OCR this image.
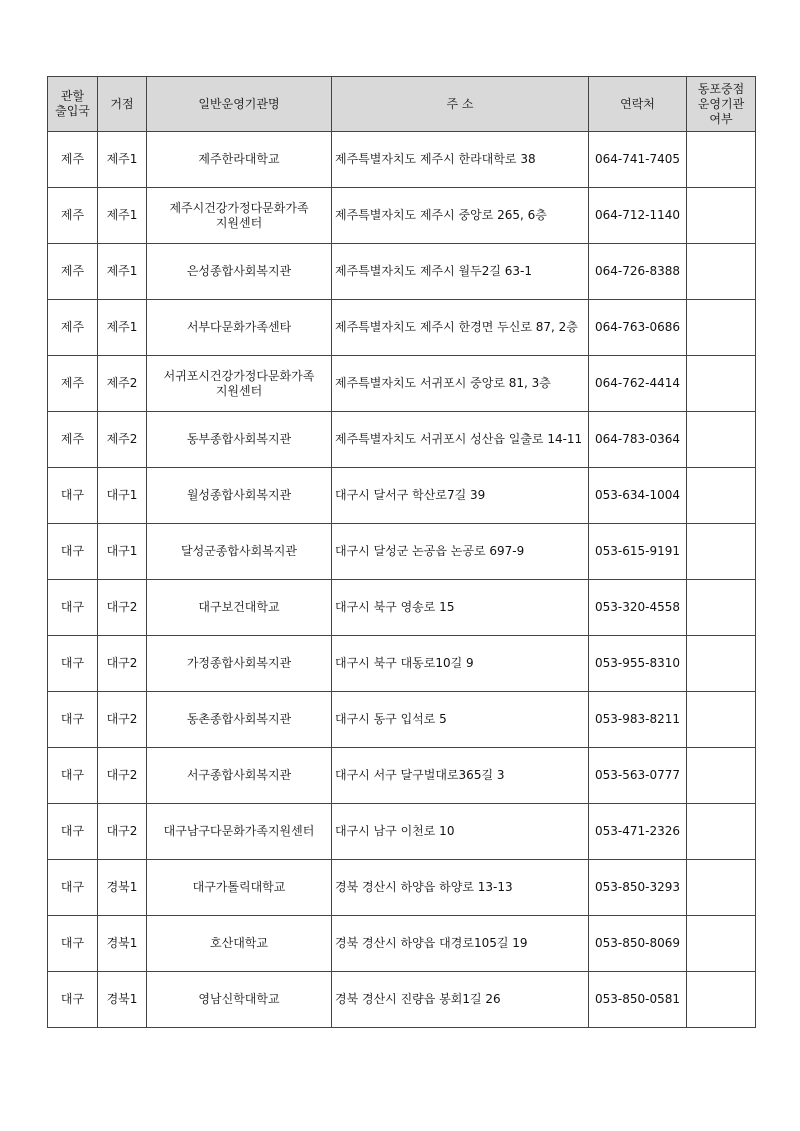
관할
출입국	거점	일반운영기관명	주 소	연락처	동포중점
운영기관
여부
제주	제주1	제주한라대학교	제주특별자치도 제주시 한라대학로 38	064-741-7405	
제주	제주1	제주시건강가정다문화가족
지원센터	제주특별자치도 제주시 중앙로 265, 6층	064-712-1140	
제주	제주1	은성종합사회복지관	제주특별자치도 제주시 월두2길 63-1	064-726-8388	
제주	제주1	서부다문화가족센타	제주특별자치도 제주시 한경면 두신로 87, 2층	064-763-0686	
제주	제주2	서귀포시건강가정다문화가족
지원센터	제주특별자치도 서귀포시 중앙로 81, 3층	064-762-4414	
제주	제주2	동부종합사회복지관	제주특별자치도 서귀포시 성산읍 일출로 14-11	064-783-0364	
대구	대구1	월성종합사회복지관	대구시 달서구 학산로7길 39	053-634-1004	
대구	대구1	달성군종합사회복지관	대구시 달성군 논공읍 논공로 697-9	053-615-9191	
대구	대구2	대구보건대학교	대구시 북구 영송로 15	053-320-4558	
대구	대구2	가정종합사회복지관	대구시 북구 대동로10길 9	053-955-8310	
대구	대구2	동촌종합사회복지관	대구시 동구 입석로 5	053-983-8211	
대구	대구2	서구종합사회복지관	대구시 서구 달구벌대로365길 3	053-563-0777	
대구	대구2	대구남구다문화가족지원센터	대구시 남구 이천로 10	053-471-2326	
대구	경북1	대구가톨릭대학교	경북 경산시 하양읍 하양로 13-13	053-850-3293	
대구	경북1	호산대학교	경북 경산시 하양읍 대경로105길 19	053-850-8069	
대구	경북1	영남신학대학교	경북 경산시 진량읍 봉회1길 26	053-850-0581	
